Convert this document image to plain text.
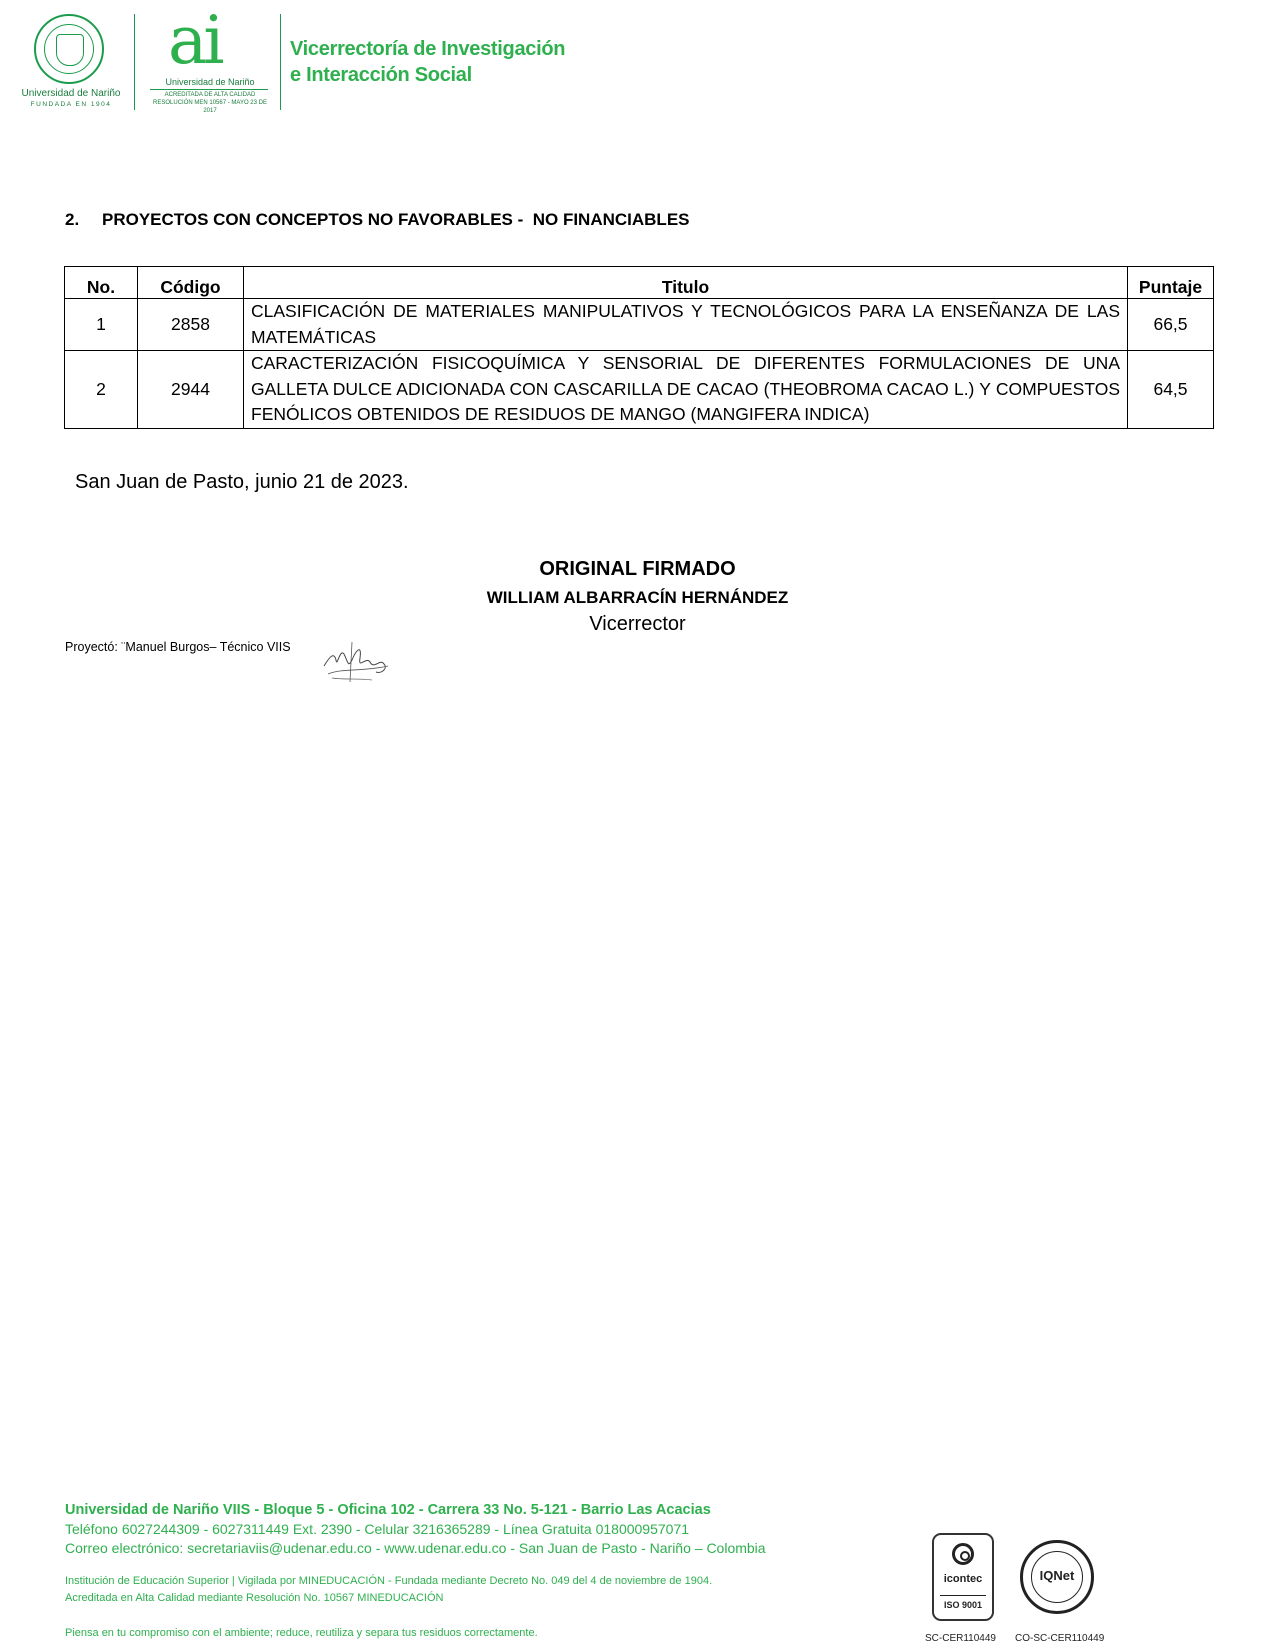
Universidad de Nariño
FUNDADA EN 1904
ai
Universidad de Nariño
ACREDITADA DE ALTA CALIDAD
RESOLUCIÓN MEN 10567 - MAYO 23 DE 2017
Vicerrectoría de Investigación
e Interacción Social
2. PROYECTOS CON CONCEPTOS NO FAVORABLES -  NO FINANCIABLES
No.	Código	Titulo	Puntaje
1	2858	CLASIFICACIÓN DE MATERIALES MANIPULATIVOS Y TECNOLÓGICOS PARA LA ENSEÑANZA DE LAS MATEMÁTICAS	66,5
2	2944	CARACTERIZACIÓN FISICOQUÍMICA Y SENSORIAL DE DIFERENTES FORMULACIONES DE UNA GALLETA DULCE ADICIONADA CON CASCARILLA DE CACAO (THEOBROMA CACAO L.) Y COMPUESTOS FENÓLICOS OBTENIDOS DE RESIDUOS DE MANGO (MANGIFERA INDICA)	64,5
San Juan de Pasto, junio 21 de 2023.
ORIGINAL FIRMADO
WILLIAM ALBARRACÍN HERNÁNDEZ
Vicerrector
Proyectó: ¨Manuel Burgos– Técnico VIIS
Universidad de Nariño VIIS - Bloque 5 - Oficina 102 - Carrera 33 No. 5-121 - Barrio Las Acacias
Teléfono 6027244309 - 6027311449 Ext. 2390 - Celular 3216365289 - Línea Gratuita 018000957071
Correo electrónico: secretariaviis@udenar.edu.co - www.udenar.edu.co - San Juan de Pasto - Nariño – Colombia
Institución de Educación Superior | Vigilada por MINEDUCACIÓN - Fundada mediante Decreto No. 049 del 4 de noviembre de 1904.
Acreditada en Alta Calidad mediante Resolución No. 10567 MINEDUCACIÓN
Piensa en tu compromiso con el ambiente; reduce, reutiliza y separa tus residuos correctamente.
icontec
ISO 9001
IQNet
SC-CER110449 CO-SC-CER110449
